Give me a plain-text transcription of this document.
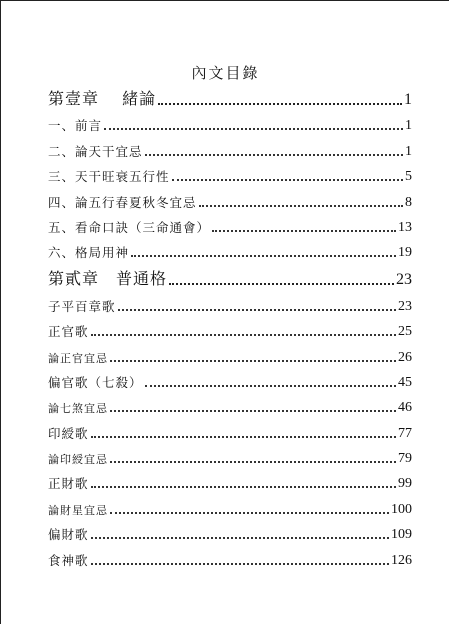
內文目錄
第壹章　 緒論	1
一、前言	1
二、論天干宜忌	1
三、天干旺衰五行性	5
四、論五行春夏秋冬宜忌	8
五、看命口訣（三命通會）	13
六、格局用神	19
第貳章　普通格	23
子平百章歌	23
正官歌	25
論正官宜忌	26
偏官歌（七殺）	45
論七煞宜忌	46
印綬歌	77
論印綬宜忌	79
正財歌	99
論財星宜忌	100
偏財歌	109
食神歌	126
